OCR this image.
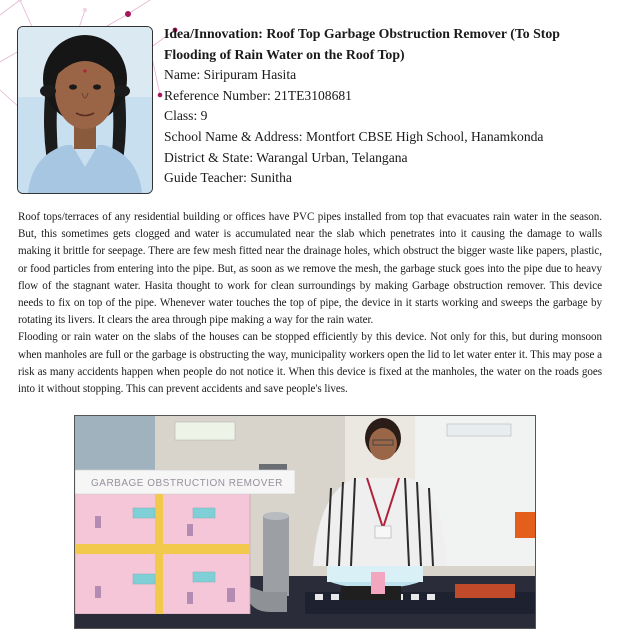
Idea/Innovation: Roof Top Garbage Obstruction Remover (To Stop
Flooding of Rain Water on the Roof Top)
Name: Siripuram Hasita
Reference Number: 21TE3108681
Class: 9
School Name & Address: Montfort CBSE High School, Hanamkonda
District & State: Warangal Urban, Telangana
Guide Teacher: Sunitha

Roof tops/terraces of any residential building or offices have PVC pipes installed from top that evacuates rain water in the season. But, this sometimes gets clogged and water is accumulated near the slab which penetrates into it causing the damage to walls making it brittle for seepage. There are few mesh fitted near the drainage holes, which obstruct the bigger waste like papers, plastic, or food particles from entering into the pipe. But, as soon as we remove the mesh, the garbage stuck goes into the pipe due to heavy flow of the stagnant water. Hasita thought to work for clean surroundings by making Garbage obstruction remover. This device needs to fix on top of the pipe. Whenever water touches the top of pipe, the device in it starts working and sweeps the garbage by rotating its livers. It clears the area through pipe making a way for the rain water.

Flooding or rain water on the slabs of the houses can be stopped efficiently by this device. Not only for this, but during monsoon when manholes are full or the garbage is obstructing the way, municipality workers open the lid to let water enter it. This may pose a risk as many accidents happen when people do not notice it. When this device is fixed at the manholes, the water on the roads goes into it without stopping. This can prevent accidents and save people's lives.

GARBAGE OBSTRUCTION REMOVER
